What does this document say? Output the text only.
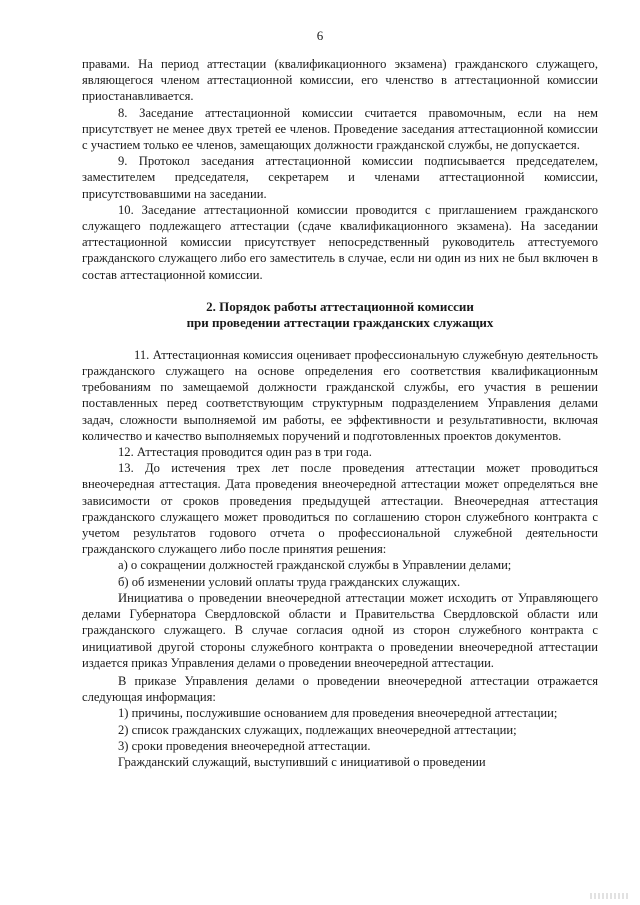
6

правами. На период аттестации (квалификационного экзамена) гражданского служащего, являющегося членом аттестационной комиссии, его членство в аттестационной комиссии приостанавливается.

8. Заседание аттестационной комиссии считается правомочным, если на нем присутствует не менее двух третей ее членов. Проведение заседания аттестационной комиссии с участием только ее членов, замещающих должности гражданской службы, не допускается.

9. Протокол заседания аттестационной комиссии подписывается председателем, заместителем председателя, секретарем и членами аттестационной комиссии, присутствовавшими на заседании.

10. Заседание аттестационной комиссии проводится с приглашением гражданского служащего подлежащего аттестации (сдаче квалификационного экзамена). На заседании аттестационной комиссии присутствует непосредственный руководитель аттестуемого гражданского служащего либо его заместитель в случае, если ни один из них не был включен в состав аттестационной комиссии.

2. Порядок работы аттестационной комиссии
при проведении аттестации гражданских служащих

11. Аттестационная комиссия оценивает профессиональную служебную деятельность гражданского служащего на основе определения его соответствия квалификационным требованиям по замещаемой должности гражданской службы, его участия в решении поставленных перед соответствующим структурным подразделением Управления делами задач, сложности выполняемой им работы, ее эффективности и результативности, включая количество и качество выполняемых поручений и подготовленных проектов документов.

12. Аттестация проводится один раз в три года.

13. До истечения трех лет после проведения аттестации может проводиться внеочередная аттестация. Дата проведения внеочередной аттестации может определяться вне зависимости от сроков проведения предыдущей аттестации. Внеочередная аттестация гражданского служащего может проводиться по соглашению сторон служебного контракта с учетом результатов годового отчета о профессиональной служебной деятельности гражданского служащего либо после принятия решения:

а) о сокращении должностей гражданской службы в Управлении делами;

б) об изменении условий оплаты труда гражданских служащих.

Инициатива о проведении внеочередной аттестации может исходить от Управляющего делами Губернатора Свердловской области и Правительства Свердловской области или гражданского служащего. В случае согласия одной из сторон служебного контракта с инициативой другой стороны служебного контракта о проведении внеочередной аттестации издается приказ Управления делами о проведении внеочередной аттестации.

В приказе Управления делами о проведении внеочередной аттестации отражается следующая информация:

1) причины, послужившие основанием для проведения внеочередной аттестации;
2) список гражданских служащих, подлежащих внеочередной аттестации;
3) сроки проведения внеочередной аттестации.

Гражданский служащий, выступивший с инициативой о проведении
